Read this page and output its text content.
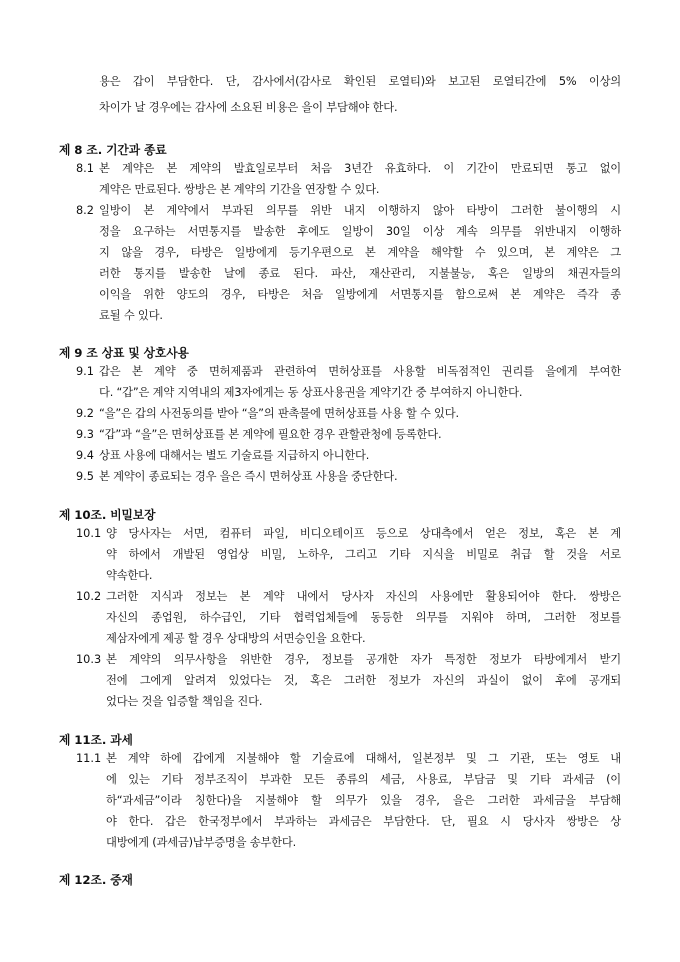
용은 갑이 부담한다. 단, 감사에서(감사로 확인된 로열티)와 보고된 로열티간에 5% 이상의
차이가 날 경우에는 감사에 소요된 비용은 을이 부담해야 한다.
제 8 조. 기간과 종료
8.1 본 계약은 본 계약의 발효일로부터 처음 3년간 유효하다. 이 기간이 만료되면 통고 없이
계약은 만료된다. 쌍방은 본 계약의 기간을 연장할 수 있다.
8.2 일방이 본 계약에서 부과된 의무를 위반 내지 이행하지 않아 타방이 그러한 불이행의 시
정을 요구하는 서면통지를 발송한 후에도 일방이 30일 이상 계속 의무를 위반내지 이행하
지 않을 경우, 타방은 일방에게 등기우편으로 본 계약을 해약할 수 있으며, 본 계약은 그
러한 통지를 발송한 날에 종료 된다. 파산, 재산관리, 지불불능, 혹은 일방의 채권자들의
이익을 위한 양도의 경우, 타방은 처음 일방에게 서면통지를 함으로써 본 계약은 즉각 종
료될 수 있다.
제 9 조 상표 및 상호사용
9.1 갑은 본 계약 중 면허제품과 관련하여 면허상표를 사용할 비독점적인 권리를 을에게 부여한
다. “갑”은 계약 지역내의 제3자에게는 동 상표사용권을 계약기간 중 부여하지 아니한다.
9.2 “을”은 갑의 사전동의를 받아 “을”의 판촉물에 면허상표를 사용 할 수 있다.
9.3 “갑”과 “을”은 면허상표를 본 계약에 필요한 경우 관할관청에 등록한다.
9.4 상표 사용에 대해서는 별도 기술료를 지급하지 아니한다.
9.5 본 계약이 종료되는 경우 을은 즉시 면허상표 사용을 중단한다.
제 10조. 비밀보장
10.1 양 당사자는 서면, 컴퓨터 파일, 비디오테이프 등으로 상대측에서 얻은 정보, 혹은 본 계
약 하에서 개발된 영업상 비밀, 노하우, 그리고 기타 지식을 비밀로 취급 할 것을 서로
약속한다.
10.2 그러한 지식과 정보는 본 계약 내에서 당사자 자신의 사용에만 활용되어야 한다. 쌍방은
자신의 종업원, 하수급인, 기타 협력업체들에 동등한 의무를 지워야 하며, 그러한 정보를
제삼자에게 제공 할 경우 상대방의 서면승인을 요한다.
10.3 본 계약의 의무사항을 위반한 경우, 정보를 공개한 자가 특정한 정보가 타방에게서 받기
전에 그에게 알려져 있었다는 것, 혹은 그러한 정보가 자신의 과실이 없이 후에 공개되
었다는 것을 입증할 책임을 진다.
제 11조. 과세
11.1 본 계약 하에 갑에게 지불해야 할 기술료에 대해서, 일본정부 및 그 기관, 또는 영토 내
에 있는 기타 정부조직이 부과한 모든 종류의 세금, 사용료, 부담금 및 기타 과세금 (이
하“과세금”이라 칭한다)을 지불해야 할 의무가 있을 경우, 을은 그러한 과세금을 부담해
야 한다. 갑은 한국정부에서 부과하는 과세금은 부담한다. 단, 필요 시 당사자 쌍방은 상
대방에게 (과세금)납부증명을 송부한다.
제 12조. 중재
